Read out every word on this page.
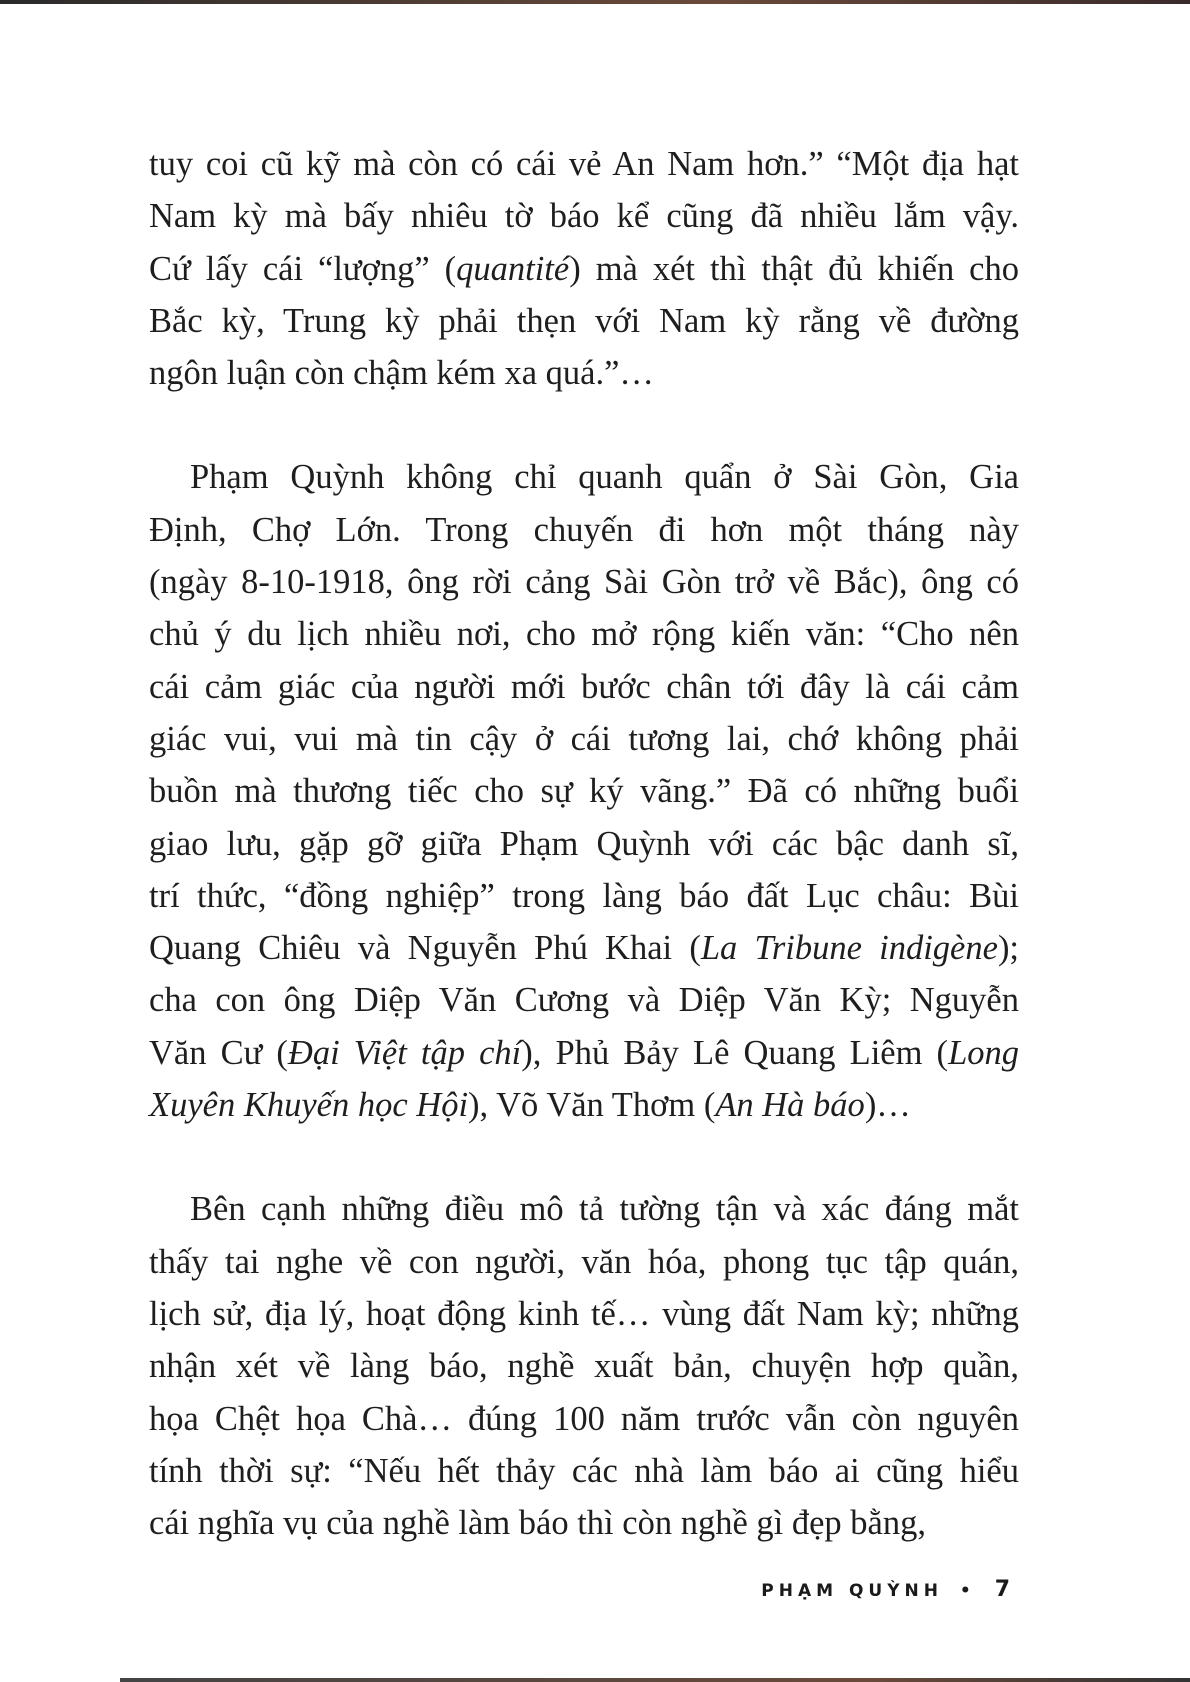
tuy coi cũ kỹ mà còn có cái vẻ An Nam hơn.” “Một địa hạt
Nam kỳ mà bấy nhiêu tờ báo kể cũng đã nhiều lắm vậy.
Cứ lấy cái “lượng” (quantité) mà xét thì thật đủ khiến cho
Bắc kỳ, Trung kỳ phải thẹn với Nam kỳ rằng về đường
ngôn luận còn chậm kém xa quá.”…

Phạm Quỳnh không chỉ quanh quẩn ở Sài Gòn, Gia
Định, Chợ Lớn. Trong chuyến đi hơn một tháng này
(ngày 8-10-1918, ông rời cảng Sài Gòn trở về Bắc), ông có
chủ ý du lịch nhiều nơi, cho mở rộng kiến văn: “Cho nên
cái cảm giác của người mới bước chân tới đây là cái cảm
giác vui, vui mà tin cậy ở cái tương lai, chớ không phải
buồn mà thương tiếc cho sự ký vãng.” Đã có những buổi
giao lưu, gặp gỡ giữa Phạm Quỳnh với các bậc danh sĩ,
trí thức, “đồng nghiệp” trong làng báo đất Lục châu: Bùi
Quang Chiêu và Nguyễn Phú Khai (La Tribune indigène);
cha con ông Diệp Văn Cương và Diệp Văn Kỳ; Nguyễn
Văn Cư (Đại Việt tập chí), Phủ Bảy Lê Quang Liêm (Long
Xuyên Khuyến học Hội), Võ Văn Thơm (An Hà báo)…

Bên cạnh những điều mô tả tường tận và xác đáng mắt
thấy tai nghe về con người, văn hóa, phong tục tập quán,
lịch sử, địa lý, hoạt động kinh tế… vùng đất Nam kỳ; những
nhận xét về làng báo, nghề xuất bản, chuyện hợp quần,
họa Chệt họa Chà… đúng 100 năm trước vẫn còn nguyên
tính thời sự: “Nếu hết thảy các nhà làm báo ai cũng hiểu
cái nghĩa vụ của nghề làm báo thì còn nghề gì đẹp bằng,

PHẠM QUỲNH • 7
